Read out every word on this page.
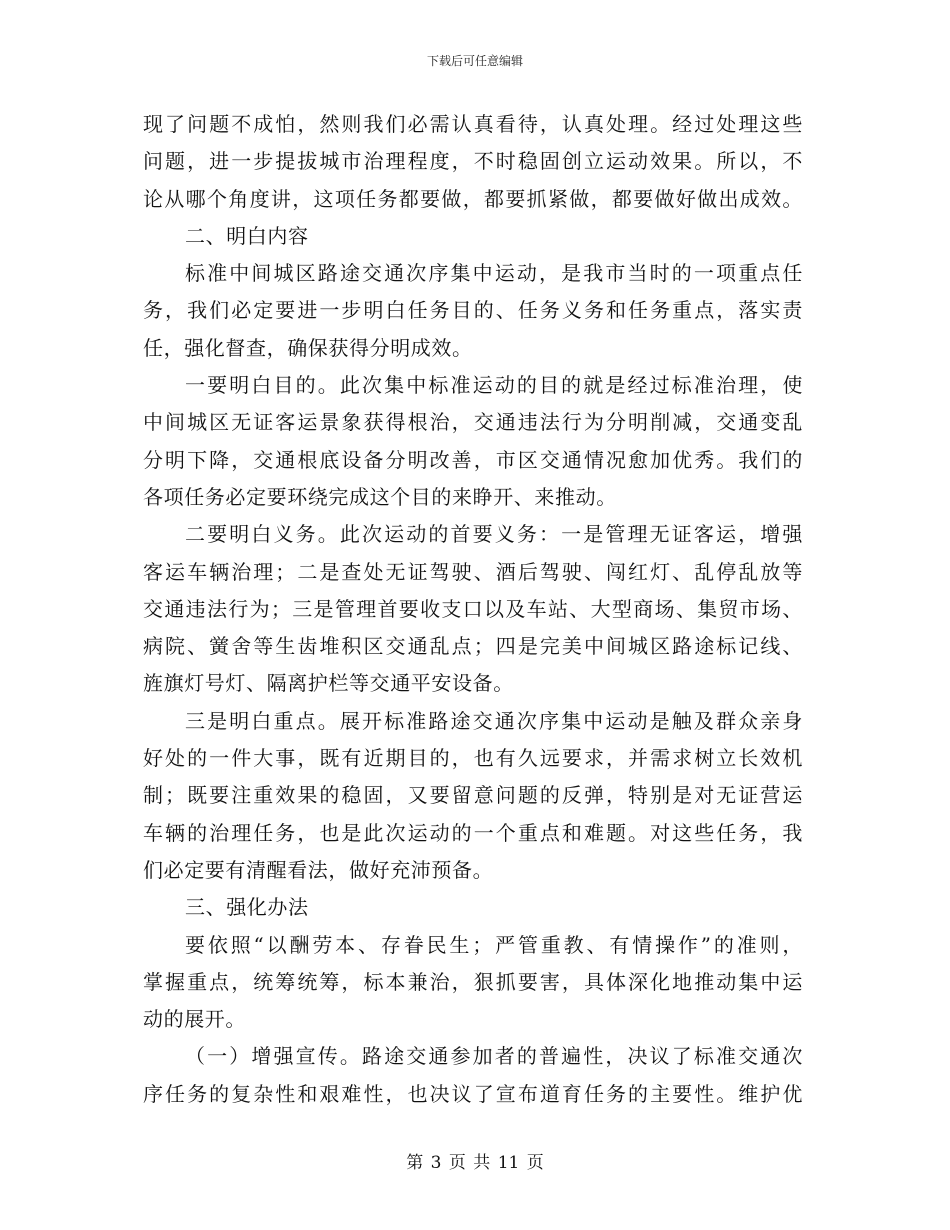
下载后可任意编辑
现了问题不成怕，然则我们必需认真看待，认真处理。经过处理这些
问题，进一步提拔城市治理程度，不时稳固创立运动效果。所以，不
论从哪个角度讲，这项任务都要做，都要抓紧做，都要做好做出成效。
二、明白内容
标准中间城区路途交通次序集中运动，是我市当时的一项重点任
务，我们必定要进一步明白任务目的、任务义务和任务重点，落实责
任，强化督查，确保获得分明成效。
一要明白目的。此次集中标准运动的目的就是经过标准治理，使
中间城区无证客运景象获得根治，交通违法行为分明削减，交通变乱
分明下降，交通根底设备分明改善，市区交通情况愈加优秀。我们的
各项任务必定要环绕完成这个目的来睁开、来推动。
二要明白义务。此次运动的首要义务：一是管理无证客运，增强
客运车辆治理；二是查处无证驾驶、酒后驾驶、闯红灯、乱停乱放等
交通违法行为；三是管理首要收支口以及车站、大型商场、集贸市场、
病院、黉舍等生齿堆积区交通乱点；四是完美中间城区路途标记线、
旌旗灯号灯、隔离护栏等交通平安设备。
三是明白重点。展开标准路途交通次序集中运动是触及群众亲身
好处的一件大事，既有近期目的，也有久远要求，并需求树立长效机
制；既要注重效果的稳固，又要留意问题的反弹，特别是对无证营运
车辆的治理任务，也是此次运动的一个重点和难题。对这些任务，我
们必定要有清醒看法，做好充沛预备。
三、强化办法
要依照“以酬劳本、存眷民生；严管重教、有情操作”的准则，
掌握重点，统筹统筹，标本兼治，狠抓要害，具体深化地推动集中运
动的展开。
（一）增强宣传。路途交通参加者的普遍性，决议了标准交通次
序任务的复杂性和艰难性，也决议了宣布道育任务的主要性。维护优
第 3 页 共 11 页
